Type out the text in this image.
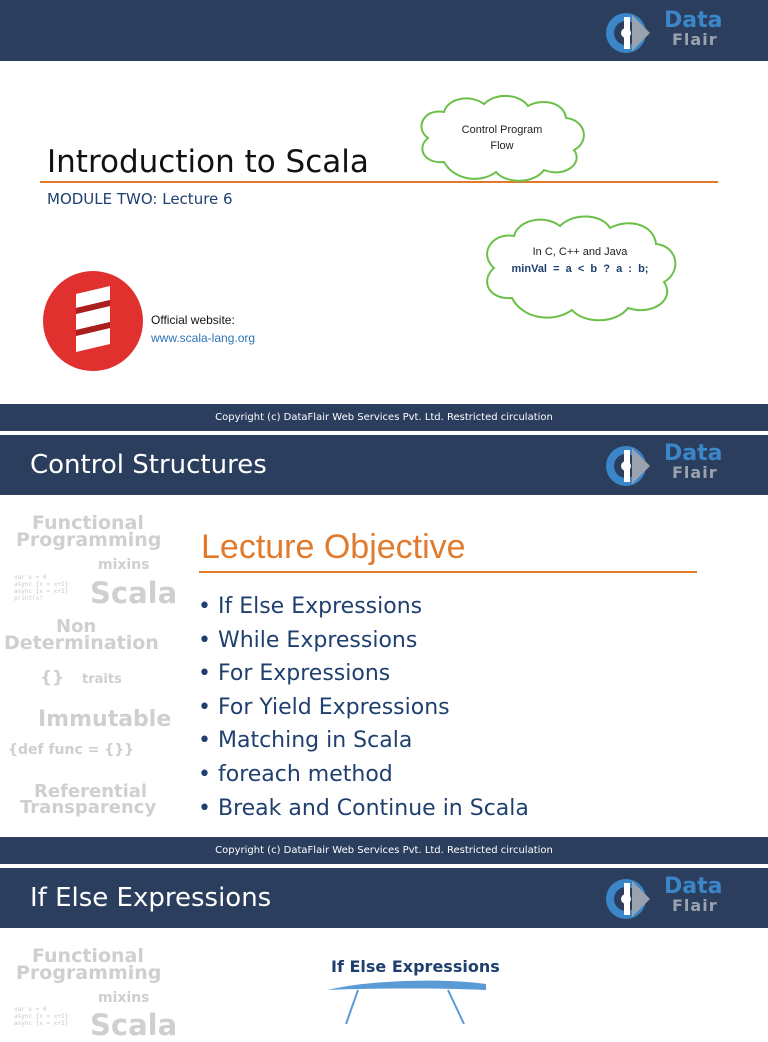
Data
Flair
Introduction to Scala
MODULE TWO: Lecture 6
Control Program
Flow
In C, C++ and Java
minVal  =  a  <  b  ?  a  :  b;
Official website:
www.scala-lang.org
Copyright (c) DataFlair Web Services Pvt. Ltd. Restricted circulation
Control Structures	Data
Flair
Functional
Programming
mixins
var x = 0
async {x = x+1}
async {x = x+2}
print(x)	Scala
Non
Determination
{} traits
Immutable
{def func = {}}
Referential
Transparency
Lecture Objective
• If Else Expressions
• While Expressions
• For Expressions
• For Yield Expressions
• Matching in Scala
• foreach method
• Break and Continue in Scala
Copyright (c) DataFlair Web Services Pvt. Ltd. Restricted circulation
If Else Expressions	Data
Flair
Functional
Programming
mixins
var x = 0
async {x = x+1}
async {x = x+2} Scala
If Else Expressions
